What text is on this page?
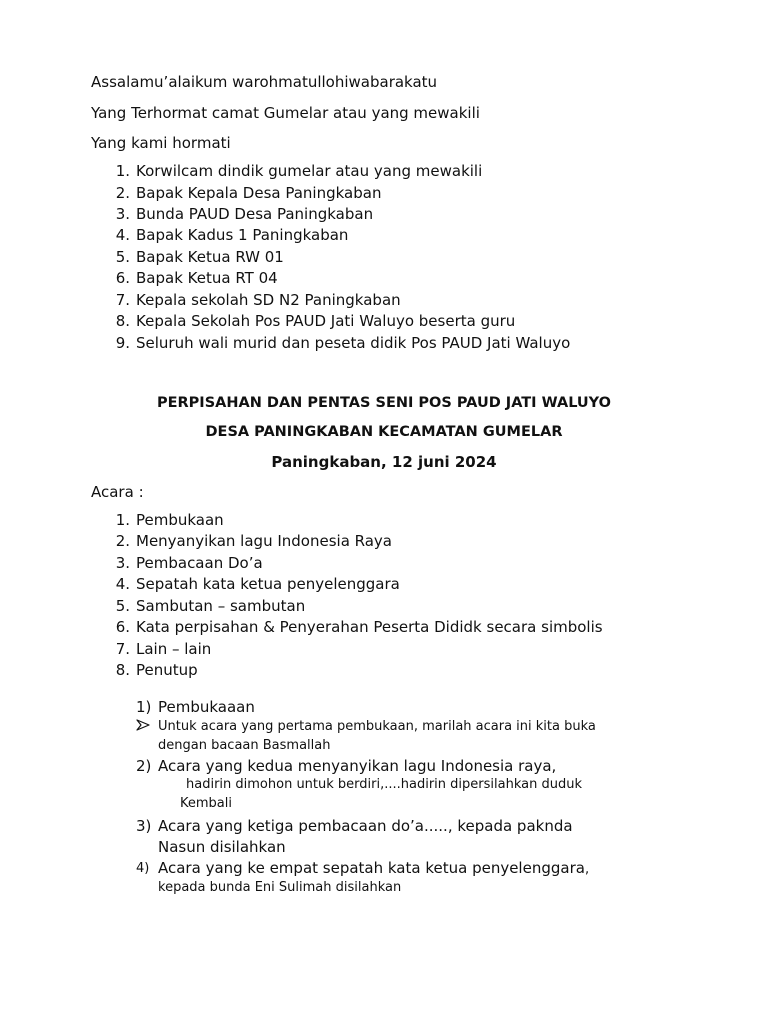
Assalamu’alaikum warohmatullohiwabarakatu
Yang Terhormat camat Gumelar atau yang mewakili
Yang kami hormati
1. Korwilcam dindik gumelar atau yang mewakili
2. Bapak Kepala Desa Paningkaban
3. Bunda PAUD Desa Paningkaban
4. Bapak Kadus 1 Paningkaban
5. Bapak Ketua RW 01
6. Bapak Ketua RT 04
7. Kepala sekolah SD N2 Paningkaban
8. Kepala Sekolah Pos PAUD Jati Waluyo beserta guru
9. Seluruh wali murid dan peseta didik Pos PAUD Jati Waluyo
PERPISAHAN DAN PENTAS SENI POS PAUD JATI WALUYO
DESA PANINGKABAN KECAMATAN GUMELAR
Paningkaban, 12 juni 2024
Acara :
1. Pembukaan
2. Menyanyikan lagu Indonesia Raya
3. Pembacaan Do’a
4. Sepatah kata ketua penyelenggara
5. Sambutan – sambutan
6. Kata perpisahan & Penyerahan Peserta Dididk secara simbolis
7. Lain – lain
8. Penutup
1) Pembukaaan
Untuk acara yang pertama pembukaan, marilah acara ini kita buka
dengan bacaan Basmallah
2) Acara yang kedua menyanyikan lagu Indonesia raya,
hadirin dimohon untuk berdiri,....hadirin dipersilahkan duduk
Kembali
3) Acara yang ketiga pembacaan do’a....., kepada paknda
Nasun disilahkan
4) Acara yang ke empat sepatah kata ketua penyelenggara,
kepada bunda Eni Sulimah disilahkan
